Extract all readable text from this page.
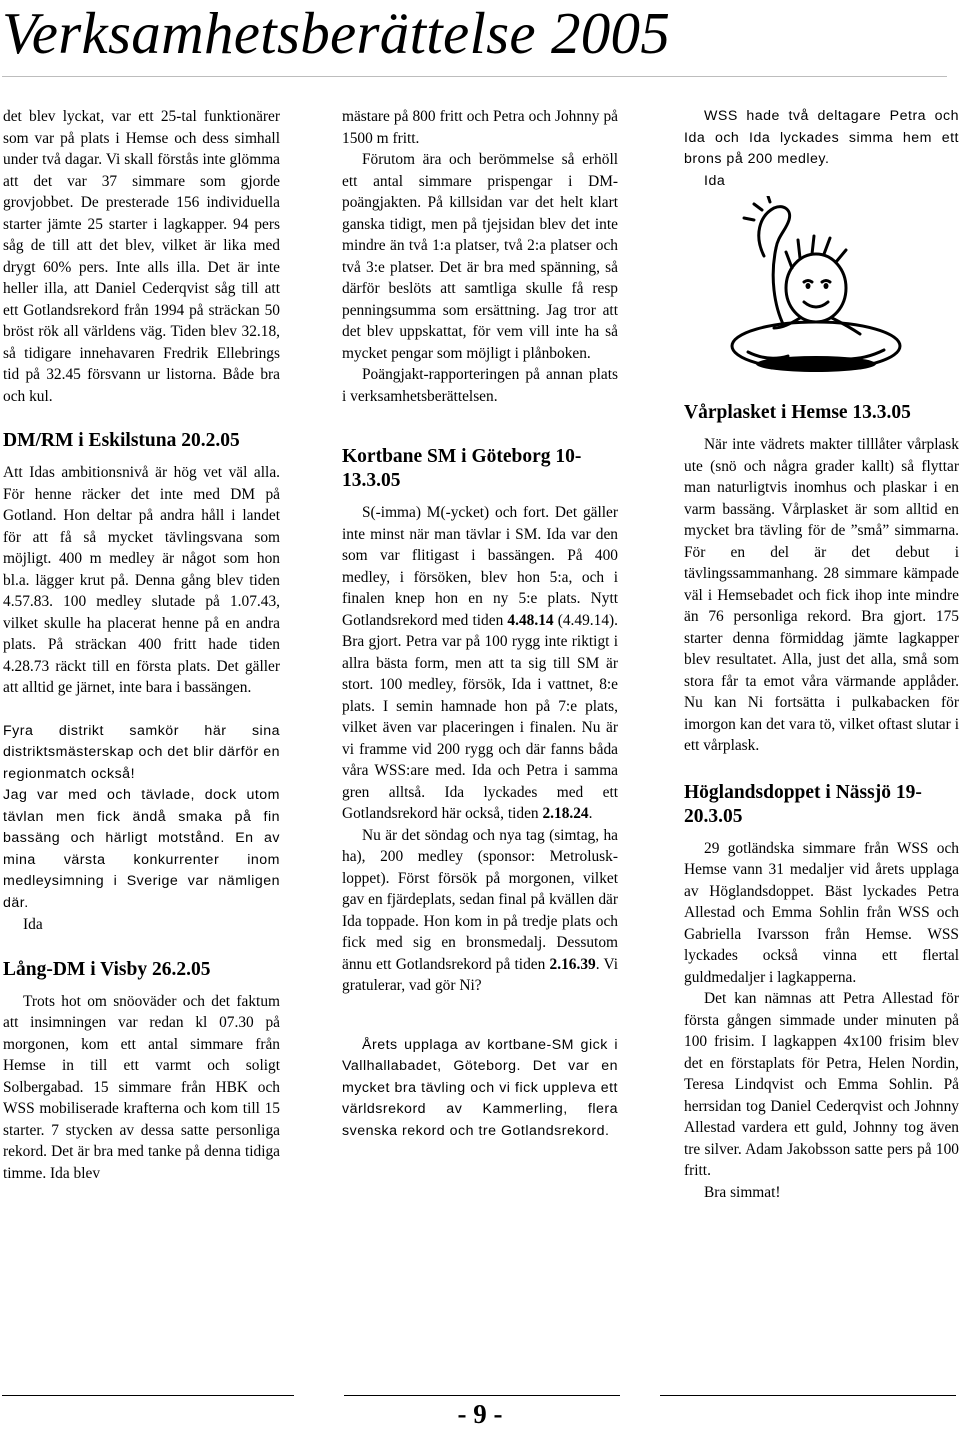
Verksamhetsberättelse 2005

det blev lyckat, var ett 25-tal funktionärer som var på plats i Hemse och dess simhall under två dagar. Vi skall förstås inte glömma att det var 37 simmare som gjorde grovjobbet. De presterade 156 individuella starter jämte 25 starter i lagkapper. 94 pers såg de till att det blev, vilket är lika med drygt 60% pers. Inte alls illa. Det är inte heller illa, att Daniel Cederqvist såg till att ett Gotlandsrekord från 1994 på sträckan 50 bröst rök all världens väg. Tiden blev 32.18, så tidigare innehavaren Fredrik Ellebrings tid på 32.45 försvann ur listorna. Både bra och kul.

DM/RM i Eskilstuna 20.2.05

Att Idas ambitionsnivå är hög vet väl alla. För henne räcker det inte med DM på Gotland. Hon deltar på andra håll i landet för att få så mycket tävlingsvana som möjligt. 400 m medley är något som hon bl.a. lägger krut på. Denna gång blev tiden 4.57.83. 100 medley slutade på 1.07.43, vilket skulle ha placerat henne på en andra plats. På sträckan 400 fritt hade tiden 4.28.73 räckt till en första plats. Det gäller att alltid ge järnet, inte bara i bassängen.

Fyra distrikt samkör här sina distriktsmästerskap och det blir därför en regionmatch också!

Jag var med och tävlade, dock utom tävlan men fick ändå smaka på fin bassäng och härligt motstånd. En av mina värsta konkurrenter inom medleysimning i Sverige var nämligen där.

Ida

Lång-DM i Visby 26.2.05

Trots hot om snöoväder och det faktum att insimningen var redan kl 07.30 på morgonen, kom ett antal simmare från Hemse in till ett varmt och soligt Solbergabad. 15 simmare från HBK och WSS mobiliserade krafterna och kom till 15 starter. 7 stycken av dessa satte personliga rekord. Det är bra med tanke på denna tidiga timme. Ida blev

mästare på 800 fritt och Petra och Johnny på 1500 m fritt.

Förutom ära och berömmelse så erhöll ett antal simmare prispengar i DM-poängjakten. På killsidan var det helt klart ganska tidigt, men på tjejsidan blev det inte mindre än två 1:a platser, två 2:a platser och två 3:e platser. Det är bra med spänning, så därför beslöts att samtliga skulle få resp penningsumma som ersättning. Jag tror att det blev uppskattat, för vem vill inte ha så mycket pengar som möjligt i plånboken.

Poängjakt-rapporteringen på annan plats i verksamhetsberättelsen.

Kortbane SM i Göteborg 10-13.3.05

S(-imma) M(-ycket) och fort. Det gäller inte minst när man tävlar i SM. Ida var den som var flitigast i bassängen. På 400 medley, i försöken, blev hon 5:a, och i finalen knep hon en ny 5:e plats. Nytt Gotlandsrekord med tiden 4.48.14 (4.49.14). Bra gjort. Petra var på 100 rygg inte riktigt i allra bästa form, men att ta sig till SM är stort. 100 medley, försök, Ida i vattnet, 8:e plats. I semin hamnade hon på 7:e plats, vilket även var placeringen i finalen. Nu är vi framme vid 200 rygg och där fanns båda våra WSS:are med. Ida och Petra i samma gren alltså. Ida lyckades med ett Gotlandsrekord här också, tiden 2.18.24.

Nu är det söndag och nya tag (simtag, ha ha), 200 medley (sponsor: Metrolusk-loppet). Först försök på morgonen, vilket gav en fjärdeplats, sedan final på kvällen där Ida toppade. Hon kom in på tredje plats och fick med sig en bronsmedalj. Dessutom ännu ett Gotlandsrekord på tiden 2.16.39. Vi gratulerar, vad gör Ni?

Årets upplaga av kortbane-SM gick i Vallhallabadet, Göteborg. Det var en mycket bra tävling och vi fick uppleva ett världsrekord av Kammerling, flera svenska rekord och tre Gotlandsrekord.

WSS hade två deltagare Petra och Ida och Ida lyckades simma hem ett brons på 200 medley.

Ida

Vårplasket i Hemse 13.3.05

När inte vädrets makter tilllåter vårplask ute (snö och några grader kallt) så flyttar man naturligtvis inomhus och plaskar i en varm bassäng. Vårplasket är som alltid en mycket bra tävling för de ”små” simmarna. För en del är det debut i tävlingssammanhang. 28 simmare kämpade väl i Hemsebadet och fick ihop inte mindre än 76 personliga rekord. Bra gjort. 175 starter denna förmiddag jämte lagkapper blev resultatet. Alla, just det alla, små som stora får ta emot våra värmande applåder. Nu kan Ni fortsätta i pulkabacken för imorgon kan det vara tö, vilket oftast slutar i ett vårplask.

Höglandsdoppet i Nässjö 19-20.3.05

29 gotländska simmare från WSS och Hemse vann 31 medaljer vid årets upplaga av Höglandsdoppet. Bäst lyckades Petra Allestad och Emma Sohlin från WSS och Gabriella Ivarsson från Hemse. WSS lyckades också vinna ett flertal guldmedaljer i lagkapperna.

Det kan nämnas att Petra Allestad för första gången simmade under minuten på 100 frisim. I lagkappen 4x100 frisim blev det en förstaplats för Petra, Helen Nordin, Teresa Lindqvist och Emma Sohlin. På herrsidan tog Daniel Cederqvist och Johnny Allestad vardera ett guld, Johnny tog även tre silver. Adam Jakobsson satte pers på 100 fritt.

Bra simmat!

- 9 -
